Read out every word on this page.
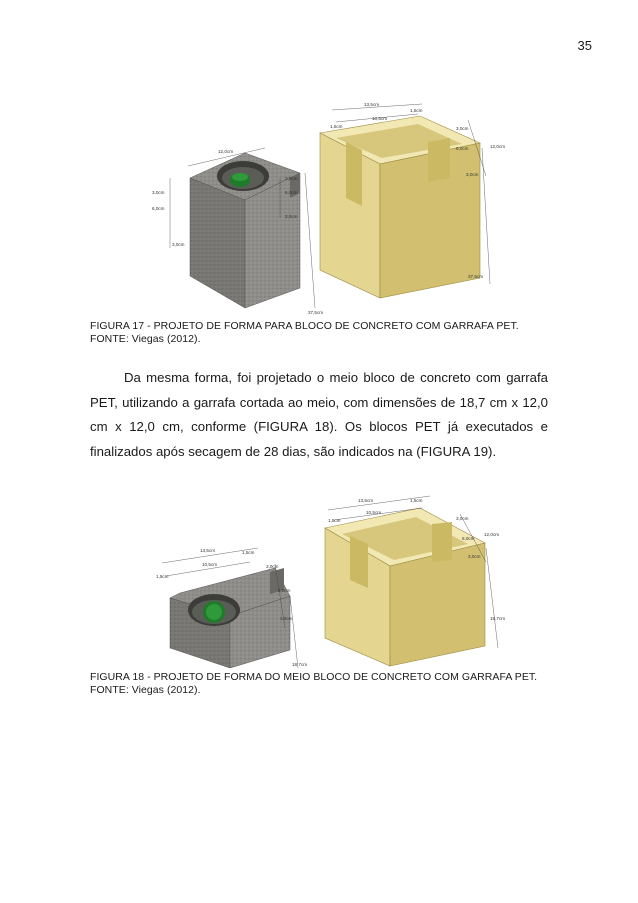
35
12,0cm
3,0cm
6,0cm
3,0cm
3,0cm
6,0cm
3,0cm
37,5cm
13,5cm
10,5cm
1,5cm
1,5cm
3,0cm
6,0cm	12,0cm
3,0cm
37,5cm
FIGURA 17 - PROJETO DE FORMA PARA BLOCO DE CONCRETO COM GARRAFA PET.
FONTE: Viegas (2012).

Da mesma forma, foi projetado o meio bloco de concreto com garrafa PET, utilizando a garrafa cortada ao meio, com dimensões de 18,7 cm x 12,0 cm x 12,0 cm, conforme (FIGURA 18). Os blocos PET já executados e finalizados após secagem de 28 dias, são indicados na (FIGURA 19).

13,5cm
10,5cm
1,5cm
1,5cm
3,0cm
6,0cm
3,0cm
18,7cm
13,5cm
10,5cm
1,5cm
1,5cm
3,0cm
6,0cm
12,0cm
3,0cm
18,7cm
FIGURA 18 - PROJETO DE FORMA DO MEIO BLOCO DE CONCRETO COM GARRAFA PET.
FONTE: Viegas (2012).
